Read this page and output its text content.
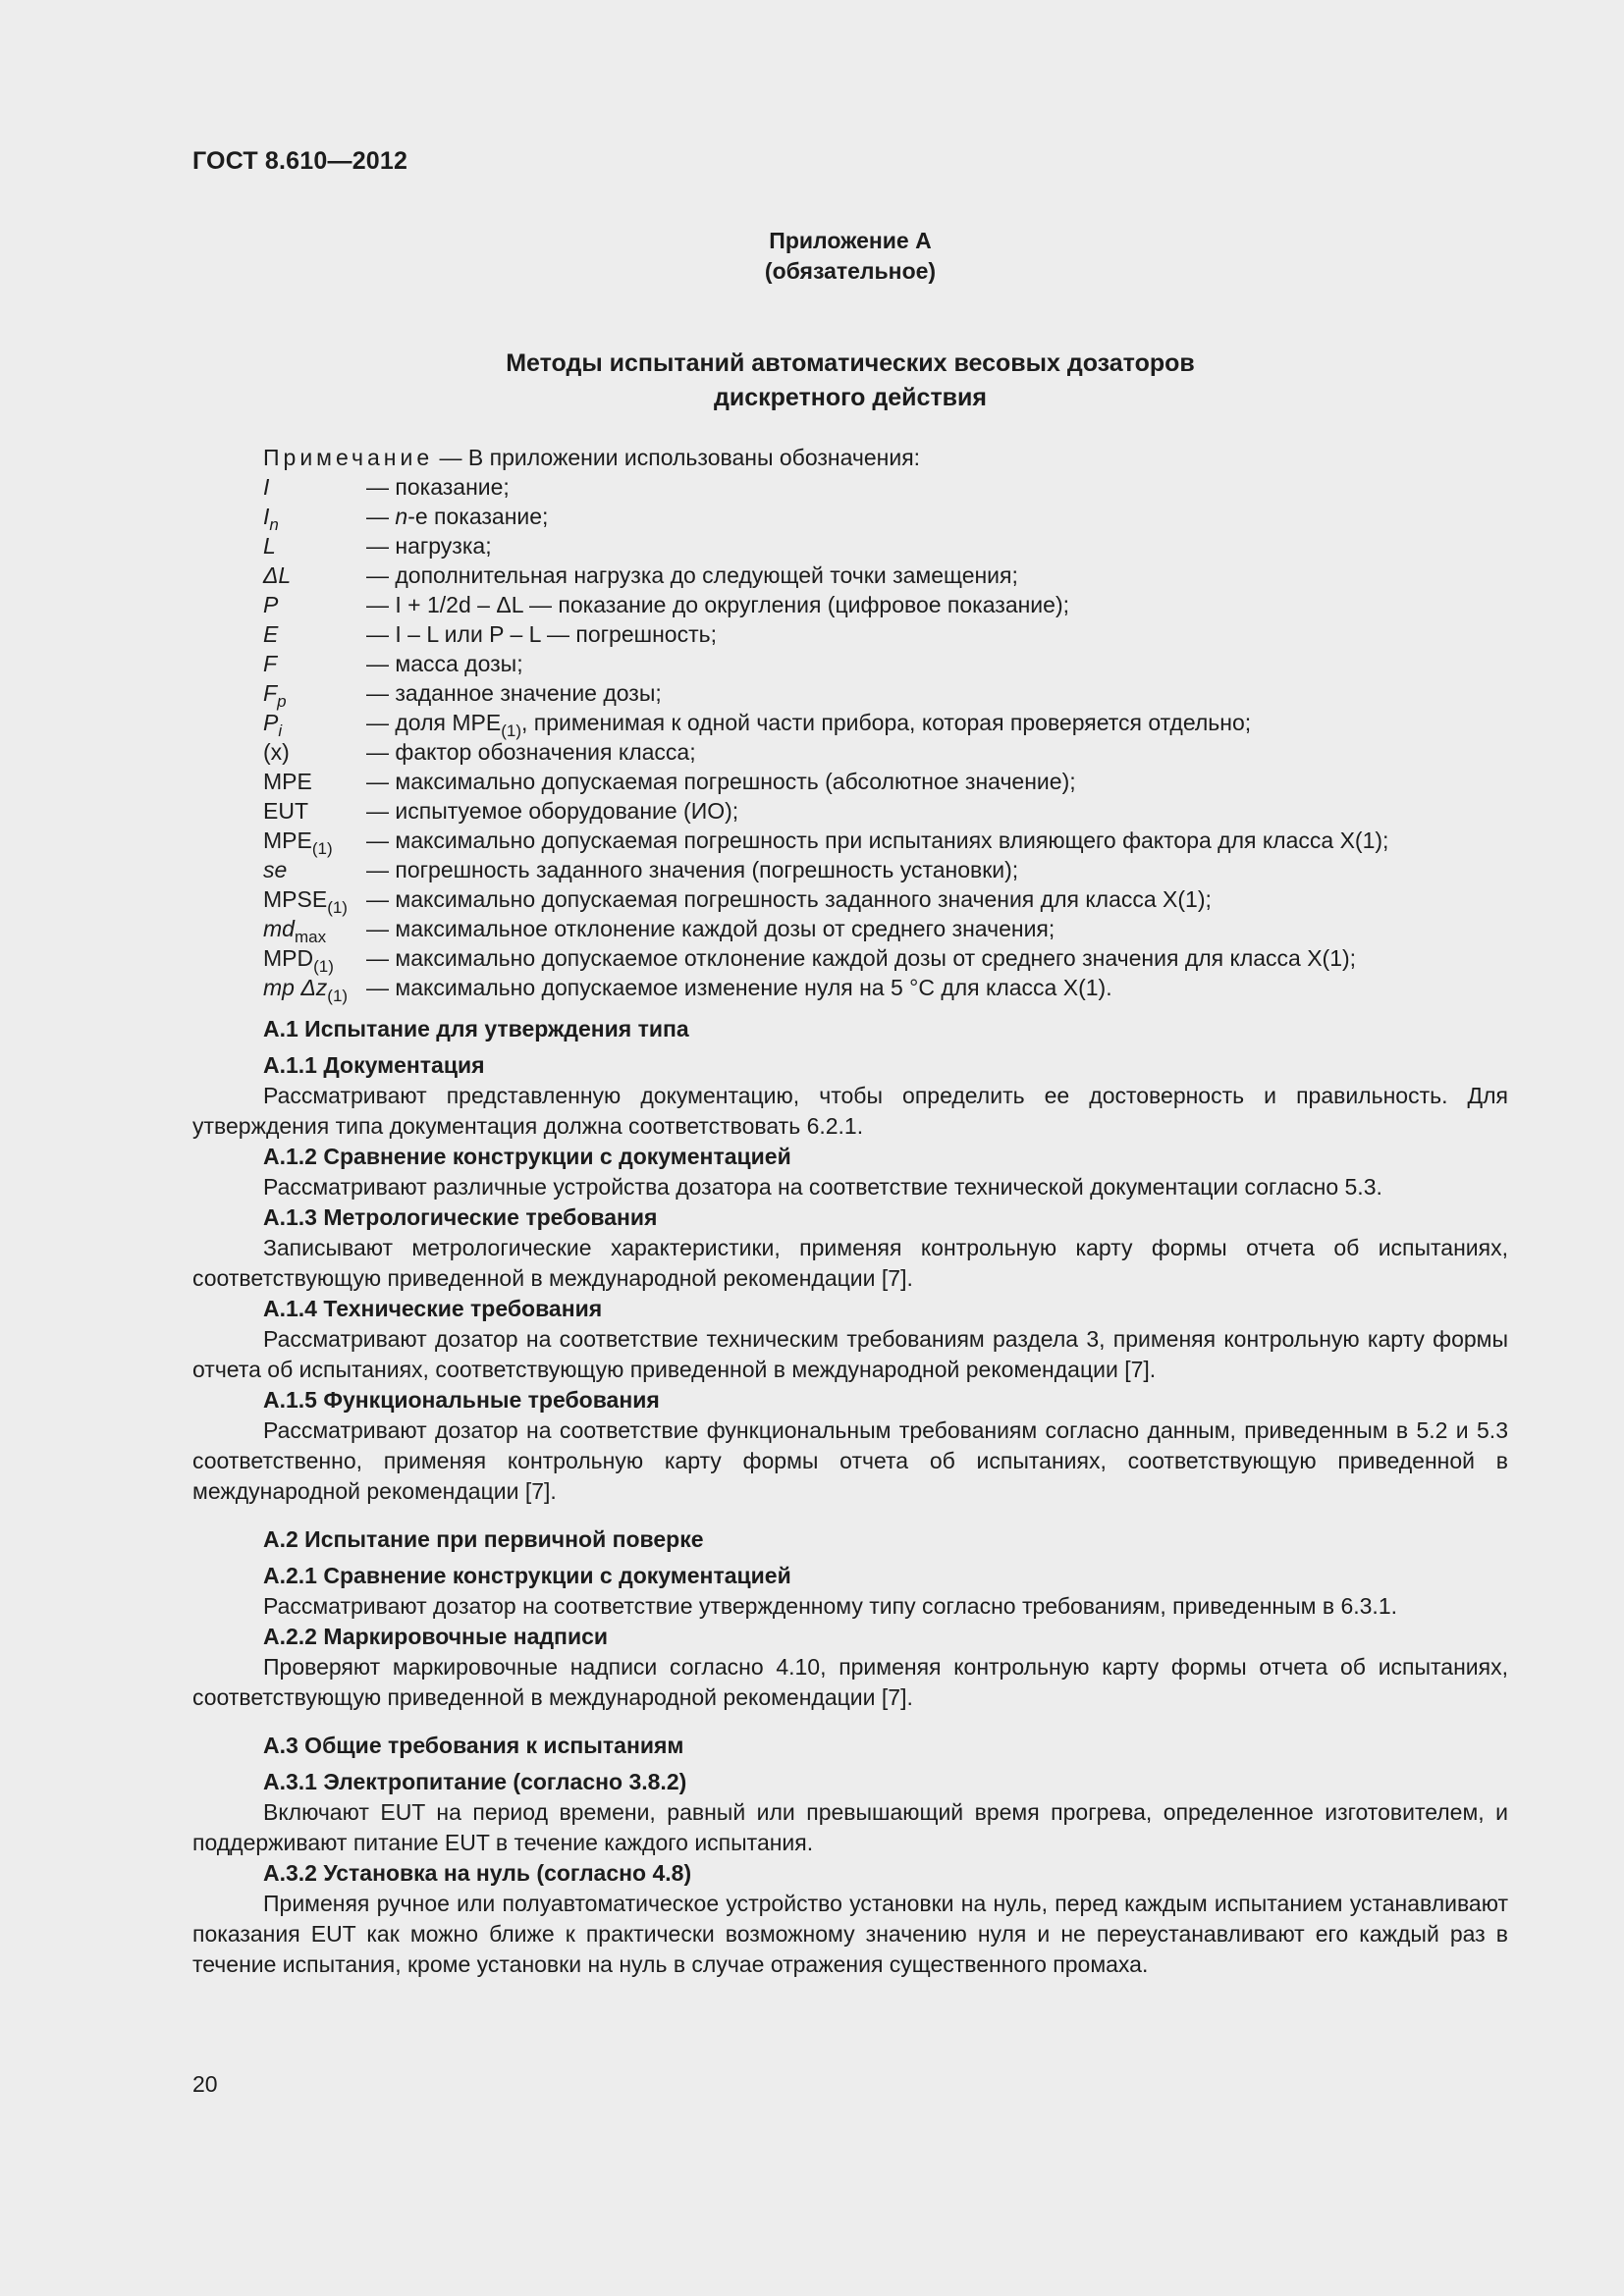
ГОСТ 8.610—2012
Приложение А
(обязательное)
Методы испытаний автоматических весовых дозаторов
дискретного действия
Примечание — В приложении использованы обозначения:
I	— показание;
$I_n$	— n-е показание;
L	— нагрузка;
ΔL	— дополнительная нагрузка до следующей точки замещения;
P	— I + 1/2d – ΔL — показание до округления (цифровое показание);
E	— I – L или P – L — погрешность;
F	— масса дозы;
$F_p$	— заданное значение дозы;
$P_i$	— доля $MPE_{(1)}$, применимая к одной части прибора, которая проверяется отдельно;
(x)	— фактор обозначения класса;
MPE	— максимально допускаемая погрешность (абсолютное значение);
EUT	— испытуемое оборудование (ИО);
$MPE_{(1)}$	— максимально допускаемая погрешность при испытаниях влияющего фактора для класса X(1);
se	— погрешность заданного значения (погрешность установки);
$MPSE_{(1)}$ — максимально допускаемая погрешность заданного значения для класса X(1);
$md_{max}$	— максимальное отклонение каждой дозы от среднего значения;
$MPD_{(1)}$	— максимально допускаемое отклонение каждой дозы от среднего значения для класса X(1);
mp $\Delta z_{(1)}$ — максимально допускаемое изменение нуля на 5 °С для класса X(1).
А.1 Испытание для утверждения типа
А.1.1 Документация

Рассматривают представленную документацию, чтобы определить ее достоверность и правильность. Для утверждения типа документация должна соответствовать 6.2.1.

А.1.2 Сравнение конструкции с документацией

Рассматривают различные устройства дозатора на соответствие технической документации согласно 5.3.

А.1.3 Метрологические требования

Записывают метрологические характеристики, применяя контрольную карту формы отчета об испытаниях, соответствующую приведенной в международной рекомендации [7].

А.1.4 Технические требования

Рассматривают дозатор на соответствие техническим требованиям раздела 3, применяя контрольную карту формы отчета об испытаниях, соответствующую приведенной в международной рекомендации [7].

А.1.5 Функциональные требования

Рассматривают дозатор на соответствие функциональным требованиям согласно данным, приведенным в 5.2 и 5.3 соответственно, применяя контрольную карту формы отчета об испытаниях, соответствующую приведенной в международной рекомендации [7].

А.2 Испытание при первичной поверке
А.2.1 Сравнение конструкции с документацией

Рассматривают дозатор на соответствие утвержденному типу согласно требованиям, приведенным в 6.3.1.

А.2.2 Маркировочные надписи

Проверяют маркировочные надписи согласно 4.10, применяя контрольную карту формы отчета об испытаниях, соответствующую приведенной в международной рекомендации [7].

А.3 Общие требования к испытаниям
А.3.1 Электропитание (согласно 3.8.2)

Включают EUT на период времени, равный или превышающий время прогрева, определенное изготовителем, и поддерживают питание EUT в течение каждого испытания.

А.3.2 Установка на нуль (согласно 4.8)

Применяя ручное или полуавтоматическое устройство установки на нуль, перед каждым испытанием устанавливают показания EUT как можно ближе к практически возможному значению нуля и не переустанавливают его каждый раз в течение испытания, кроме установки на нуль в случае отражения существенного промаха.

20
